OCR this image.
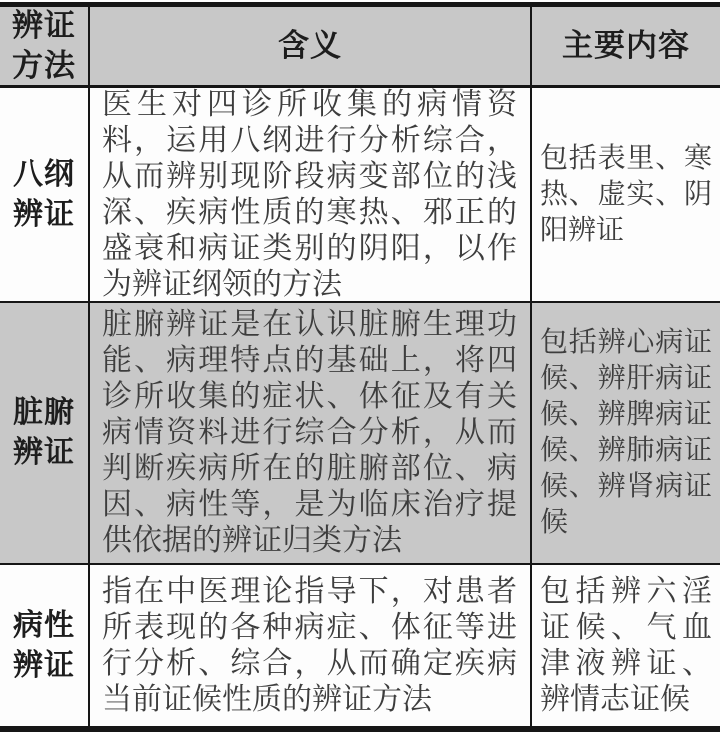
辨证方法
含义	主要内容
八纲辨证
医生对四诊所收集的病情资料，运用八纲进行分析综合，从而辨别现阶段病变部位的浅深、疾病性质的寒热、邪正的盛衰和病证类别的阴阳，以作为辨证纲领的方法
包括表里、寒热、虚实、阴阳辨证
脏腑辨证
脏腑辨证是在认识脏腑生理功能、病理特点的基础上，将四诊所收集的症状、体征及有关病情资料进行综合分析，从而判断疾病所在的脏腑部位、病因、病性等，是为临床治疗提供依据的辨证归类方法
包括辨心病证候、辨肝病证候、辨脾病证候、辨肺病证候、辨肾病证候
病性辨证
指在中医理论指导下，对患者所表现的各种病症、体征等进行分析、综合，从而确定疾病当前证候性质的辨证方法
包括辨六淫证候、气血津液辨证、辨情志证候
